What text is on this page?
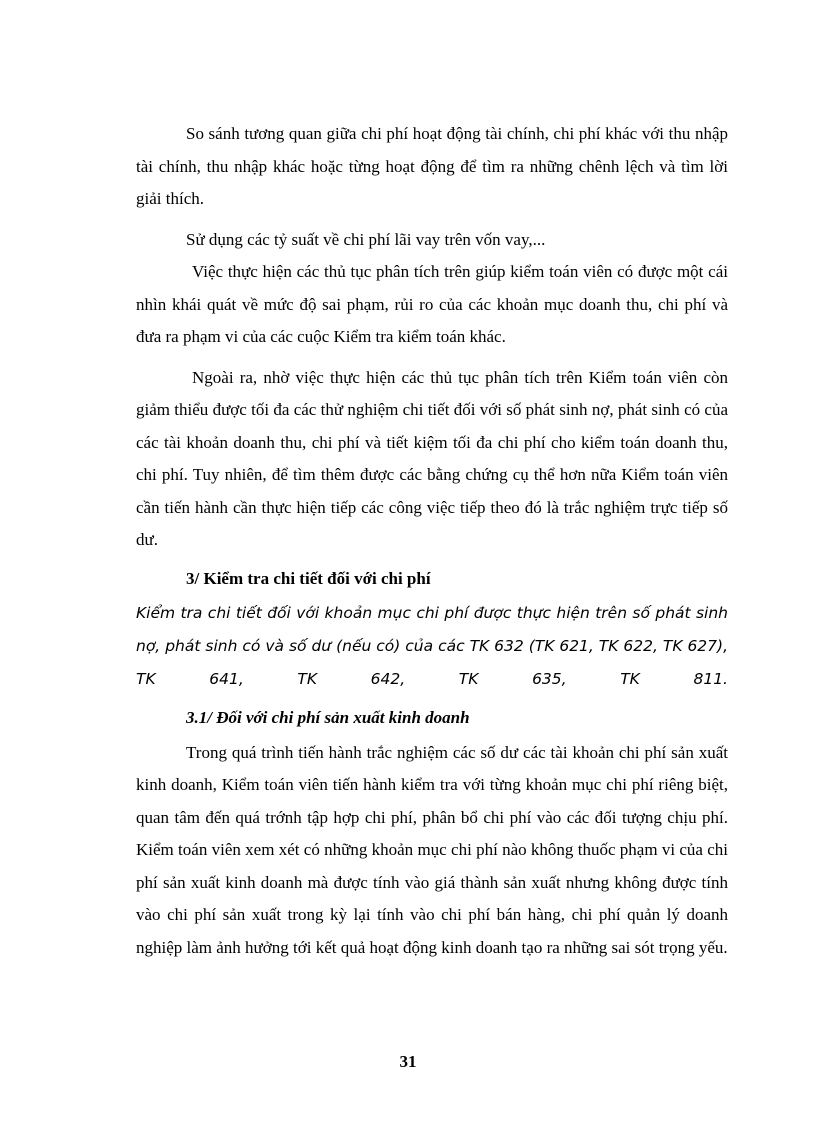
So sánh tương quan giữa chi phí hoạt động tài chính, chi phí khác với thu nhập tài chính, thu nhập khác hoặc từng hoạt động để tìm ra những chênh lệch và tìm lời giải thích.

Sử dụng các tỷ suất về chi phí lãi vay trên vốn vay,...

Việc thực hiện các thủ tục phân tích trên giúp kiểm toán viên có được một cái nhìn khái quát về mức độ sai phạm, rủi ro của các khoản mục doanh thu, chi phí và đưa ra phạm vi của các cuộc Kiểm tra kiểm toán khác.

Ngoài ra, nhờ việc thực hiện các thủ tục phân tích trên Kiểm toán viên còn giảm thiểu được tối đa các thử nghiệm chi tiết đối với số phát sinh nợ, phát sinh có của các tài khoản doanh thu, chi phí và tiết kiệm tối đa chi phí cho kiểm toán doanh thu, chi phí. Tuy nhiên, để tìm thêm được các bằng chứng cụ thể hơn nữa Kiểm toán viên cần tiến hành cần thực hiện tiếp các công việc tiếp theo đó là trắc nghiệm trực tiếp số dư.

3/ Kiểm tra chi tiết đối với chi phí

Kiểm tra chi tiết đối với khoản mục chi phí được thực hiện trên số phát sinh nợ, phát sinh có và số dư (nếu có) của các TK 632 (TK 621, TK 622, TK 627), TK 641, TK 642, TK 635, TK 811.

3.1/ Đối với chi phí sản xuất kinh doanh

Trong quá trình tiến hành trắc nghiệm các số dư các tài khoản chi phí sản xuất kinh doanh, Kiểm toán viên tiến hành kiểm tra với từng khoản mục chi phí riêng biệt, quan tâm đến quá trớnh tập hợp chi phí, phân bổ chi phí vào các đối tượng chịu phí. Kiểm toán viên xem xét có những khoản mục chi phí nào không thuốc phạm vi của chi phí sản xuất kinh doanh mà được tính vào giá thành sản xuất nhưng không được tính vào chi phí sản xuất trong kỳ lại tính vào chi phí bán hàng, chi phí quản lý doanh nghiệp làm ảnh hưởng tới kết quả hoạt động kinh doanh tạo ra những sai sót trọng yếu.

31
